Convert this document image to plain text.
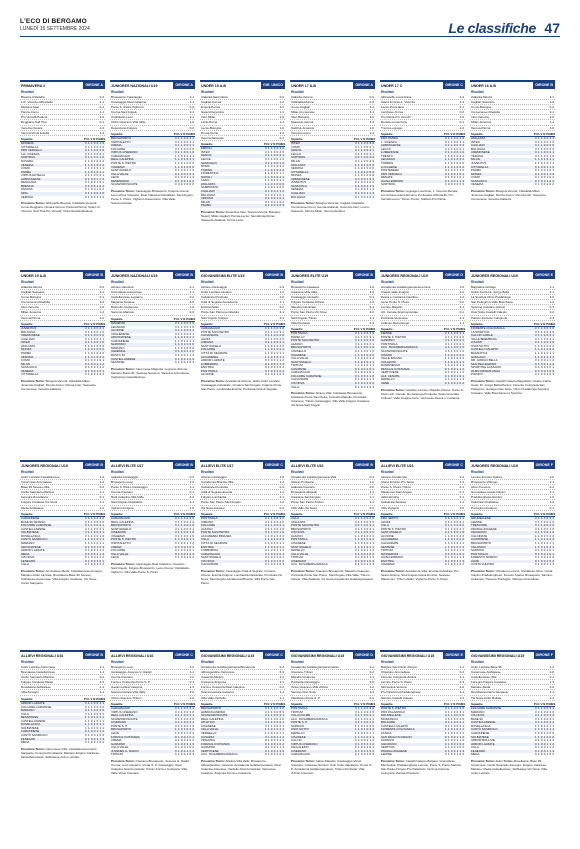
L'ECO DI BERGAMO
LUNEDÌ 16 SETTEMBRE 2024	Le classifiche 47
PRIMAVERA 2	GIRONE A
Risultati
Brescia-Cittadella	0-2
L.R. Vicenza-Albinoleffe	2-1
Modena-Spal	0-1
Parma-Como	1-1
Pro Vercelli-Padova	2-0
Reggiana-Sud Tirol	0-1
Venezia-Novara	2-2
Verona-Virtus Entella	1-2
Squadre	Pt G V N P GF
GS
MODENA	3 1 1 0 0 1 0
CITTADELLA	3 1 1 0 0 2 0
PRO VERCELLI	3 1 1 0 0 2 0
L.R. VICENZA	3 1 1 0 0 2 1
SUDTIROL	3 1 1 0 0 1 0
NOVARA	1 1 0 1 0 2 2
VENEZIA	1 1 0 1 0 2 2
COMO	1 1 0 1 0 1 1
PARMA	1 1 0 1 0 1 1
VIRTUS ENTELLA	3 1 1 0 0 2 1
ALBINOLEFFE	0 1 0 0 1 1 2
REGGIANA	0 1 0 0 1 0 1
BRESCIA	0 1 0 0 1 0 2
PADOVA	0 1 0 0 1 0 2
SPAL	3 1 1 0 0 1 0
VERONA	0 1 0 0 1 1 2
Prossimo Turno: Albinoleffe-Brescia; Cittadella-Venezia; Como-Reggiana; Novara-Verona; Padova-Parma; Spal-L.R. Vicenza; Sud Tirol-Pro Vercelli; Virtus Entella-Modena.
UNDER 15 A-B	GIRONE B
Risultati
Atalanta-Monza	0-0
Cagliari-Sassuolo	2-1
Como-Bologna	0-1
Cremonese-Cittadella	2-0
Inter-Venezia	1-0
Milan-Juventus	1-2
Verona-Parma	2-2
Squadre	Pt G V N P GF
GS
JUVENTUS	3 1 1 0 0 2 1
BOLOGNA	3 1 1 0 0 1 0
CREMONESE	3 1 1 0 0 2 0
CAGLIARI	3 1 1 0 0 2 1
INTER	3 1 1 0 0 1 0
ATALANTA	1 1 0 1 0 0 0
MONZA	1 1 0 1 0 0 0
PARMA	1 1 0 1 0 2 2
VERONA	1 1 0 1 0 2 2
COMO	0 1 0 0 1 0 1
MILAN	0 1 0 0 1 1 2
SASSUOLO	0 1 0 0 1 1 2
VENEZIA	0 1 0 0 1 0 1
CITTADELLA	0 1 0 0 1 0 2
Prossimo Turno: Bologna-Verona; Cittadella-Milan; Juventus-Cagliari; Monza-Como; Parma-Inter; Sassuolo-Cremonese; Venezia-Atalanta.
JUNIORES REGIONALI U19	GIRONE B
Risultati
Ardor Lazzate-Castellanzese	1-2
Caronnese-Arconatese	3-2
Base 96 Seveso-Villa	2-0
Cantù Sanpaolo-Mariano	1-1
Fenegrò-Rovellasca	0-1
Folgore Caratese-Vis Nova	2-1
Meda-Solbiatese	1-2
Squadre	Pt G V N P GF
GS
CARONNESE	3 1 1 0 0 3 2
BASE 96 SEVESO	3 1 1 0 0 2 0
FOLGORE CARATESE	3 1 1 0 0 2 1
CASTELLANZESE	3 1 1 0 0 2 1
SOLBIATESE	3 1 1 0 0 2 1
ROVELLASCA	3 1 1 0 0 1 0
CANTÙ SANPAOLO	1 1 0 1 0 1 1
MARIANO	1 1 0 1 0 1 1
ARCONATESE	0 1 0 0 1 2 3
ARDOR LAZZATE	0 1 0 0 1 1 2
MEDA	0 1 0 0 1 1 2
VIS NOVA	0 1 0 0 1 1 2
FENEGRÒ	0 1 0 0 1 0 1
VILLA	0 1 0 0 1 0 2
Prossimo Turno: Arconatese-Meda; Castellanzese-Fenegrò; Mariano-Ardor Lazzate; Rovellasca-Base 96 Seveso; Solbiatese-Caronnese; Villa-Folgore Caratese; Vis Nova-Cantù Sanpaolo.
ALLIEVI REGIONALI U16	GIRONE B
Risultati
Ardor Lazzate-Caronnese	2-1
Besnatese-Castellanzese	1-1
Cantù Sanpaolo-Mariano	0-2
Folgore Caratese-Meda	2-0
Rovellasca-Solbiatese	1-1
Villa-Fenegrò	3-1
Squadre	Pt G V N P GF
GS
ARDOR LAZZATE	3 1 1 0 0 2 1
FOLGORE CARATESE	3 1 1 0 0 2 0
MARIANO	3 1 1 0 0 2 0
VILLA	3 1 1 0 0 3 1
BESNATESE	1 1 0 1 0 1 1
CASTELLANZESE	1 1 0 1 0 1 1
ROVELLASCA	1 1 0 1 0 1 1
SOLBIATESE	1 1 0 1 0 1 1
CARONNESE	0 1 0 0 1 1 2
CANTÙ SANPAOLO	0 1 0 0 1 0 2
FENEGRÒ	0 1 0 0 1 1 3
MEDA	0 1 0 0 1 0 2
Prossimo Turno: Caronnese-Villa; Castellanzese-Cantù Sanpaolo; Fenegrò-Rovellasca; Mariano-Folgore Caratese; Meda-Besnatese; Solbiatese-Ardor Lazzate.
JUNIORES NAZIONALI U19	GIRONE A
Risultati
Brusaporto-Caravaggio	2-1
Caravaggio-Real Calepina	1-1
Ponte S. Pietro-Vighenzi	0-0
Crema-Sant'Angelo	2-1
Ospitaletto-Leon	3-1
Virtus Ciserano-Villa Valle	1-0
Desenzano-Folgore	0-2
Squadre	Pt G V N P GF
GS
BRUSAPORTO	3 1 1 0 0 2 1
OSPITALETTO	3 1 1 0 0 3 1
CREMA	3 1 1 0 0 2 1
FOLGORE	3 1 1 0 0 2 0
VIRTUS CISERANO	3 1 1 0 0 1 0
CARAVAGGIO	1 1 0 1 0 1 1
REAL CALEPINA	1 1 0 1 0 1 1
PONTE S. PIETRO	1 1 0 1 0 0 0
VIGHENZI	1 1 0 1 0 0 0
SANT'ANGELO	0 1 0 0 1 1 2
VILLA VALLE	0 1 0 0 1 0 1
LEON	0 1 0 0 1 1 3
DESENZANO	0 1 0 0 1 0 2
SCANZOROSCIATE	0 0 0 0 0 0 0
Prossimo Turno: Caravaggio-Brusaporto; Folgore-Crema; Leon-Virtus Ciserano; Real Calepina-Ospitaletto; Sant'Angelo-Ponte S. Pietro; Vighenzi-Desenzano; Villa Valle-Scanzorosciate.
JUNIORES NAZIONALI U19	GIRONE B
Risultati
Alcione-Varesina	2-1
Arconatese-Caronnese	1-1
Castellanzese-Legnano	0-2
Magenta-Sestese	3-0
Busto 81-Vogherese	1-2
Saronno-Mariano	0-0
Squadre	Pt G V N P GF
GS
MAGENTA	3 1 1 0 0 3 0
LEGNANO	3 1 1 0 0 2 0
ALCIONE	3 1 1 0 0 2 1
VOGHERESE	3 1 1 0 0 2 1
ARCONATESE	1 1 0 1 0 1 1
CARONNESE	1 1 0 1 0 1 1
SARONNO	1 1 0 1 0 0 0
MARIANO	1 1 0 1 0 0 0
VARESINA	0 1 0 0 1 1 2
BUSTO 81	0 1 0 0 1 1 2
CASTELLANZESE	0 1 0 0 1 0 2
SESTESE	0 1 0 0 1 0 3
Prossimo Turno: Caronnese-Magenta; Legnano-Alcione; Mariano-Busto 81; Sestese-Saronno; Varesina-Arconatese; Vogherese-Castellanzese.
ALLIEVI ELITE U17	GIRONE B
Risultati
Atalanta-Caravaggio	0-3
Brusaporto-Leon	2-0
Ponte S. Pietro-Caravaggio	1-1
Crema-Ciserano	0-1
Real Calepina-Villa Valle	4-2
Sant'Angelo-Ospitaletto	2-1
Vighenzi-Folgore	1-0
Squadre	Pt G V N P GF
GS
CARAVAGGIO	3 1 1 0 0 3 0
REAL CALEPINA	3 1 1 0 0 4 2
BRUSAPORTO	3 1 1 0 0 2 0
SANT'ANGELO	3 1 1 0 0 2 1
CISERANO	3 1 1 0 0 1 0
VIGHENZI	3 1 1 0 0 1 0
PONTE S. PIETRO	1 1 0 1 0 1 1
OSPITALETTO	0 1 0 0 1 1 2
CREMA	0 1 0 0 1 0 1
FOLGORE	0 1 0 0 1 0 1
VILLA VALLE	0 1 0 0 1 2 4
LEON	0 1 0 0 1 0 2
Prossimo Turno: Caravaggio-Real Calepina; Ciserano-Sant'Angelo; Folgore-Brusaporto; Leon-Crema; Ospitaletto-Vighenzi; Villa Valle-Ponte S. Pietro.
ALLIEVI REGIONALI U16	GIRONE C
Risultati
Brusaporto-Leon	2-2
Caravaggio-Juvenes G. Radici	4-1
Crema-Ciserano	1-2
Forza e Costanza-Ponte S. P.	0-1
Gavarno-Real Calepina	1-3
Scanzorosciate-Villa Valle	2-0
Virtus Ciserano-Tritium	3-0
Squadre	Pt G V N P GF
GS
CARAVAGGIO	3 1 1 0 0 4 1
VIRTUS CISERANO	3 1 1 0 0 3 0
REAL CALEPINA	3 1 1 0 0 3 1
SCANZOROSCIATE	3 1 1 0 0 2 0
CISERANO	3 1 1 0 0 2 1
PONTE S. P.	3 1 1 0 0 1 0
BRUSAPORTO	1 1 0 1 0 2 2
LEON	1 1 0 1 0 2 2
FORZA E COSTANZA	0 1 0 0 1 0 1
CREMA	0 1 0 0 1 1 2
GAVARNO	0 1 0 0 1 1 3
VILLA VALLE	0 1 0 0 1 0 2
JUVENES G. RADICI	0 1 0 0 1 1 4
TRITIUM	0 1 0 0 1 0 3
Prossimo Turno: Ciserano-Brusaporto; Juvenes G. Radici-Crema; Leon-Gavarno; Ponte S. P.-Caravaggio; Real Calepina-Scanzorosciate; Tritium-Forza e Costanza; Villa Valle-Virtus Ciserano.
UNDER 15 A-B	GIR. UNICO
Risultati
Atalanta-Sampdoria	0-0
Cagliari-Genoa	1-2
Empoli-Parma	3-0
Napoli-Fiorentina	1-1
Inter-Milan	2-0
Lazio-Roma	1-1
Lecce-Bologna	1-0
Roma-Torino	2-2
Verona-Sassuolo	0-1
Squadre	Pt G V N P GF
GS
EMPOLI	3 1 1 0 0 3 0
INTER	3 1 1 0 0 2 0
GENOA	3 1 1 0 0 2 1
LECCE	3 1 1 0 0 1 0
SASSUOLO	3 1 1 0 0 1 0
ROMA	1 1 0 1 0 2 2
TORINO	1 1 0 1 0 2 2
FIORENTINA	1 1 0 1 0 1 1
NAPOLI	1 1 0 1 0 1 1
LAZIO	1 1 0 1 0 1 1
ATALANTA	1 1 0 1 0 0 0
SAMPDORIA	1 1 0 1 0 0 0
CAGLIARI	0 1 0 0 1 1 2
BOLOGNA	0 1 0 0 1 0 1
VERONA	0 1 0 0 1 0 1
MILAN	0 1 0 0 1 0 2
PARMA	0 1 0 0 1 0 3
Prossimo Turno: Fiorentina-Inter; Genoa-Verona; Bologna-Napoli; Milan-Cagliari; Parma-Lecce; Sampdoria-Roma; Sassuolo-Atalanta; Torino-Lazio.
GIOVANISSIMI ELITE U15	GIRONE B
Risultati
Alcione-Caravaggio	0-3
Ardor Lazzate-Cimiano	1-2
Calvairate-Pontisola	2-0
Città di Segrate-Accademia	1-1
Enotria-Aldini	0-2
Ponte San Pietro-Lombardia	3-1
Sant'Angelo-Folgore	2-2
Squadre	Pt G V N P GF
GS
CARAVAGGIO	3 1 1 0 0 3 0
PONTE SAN PIETRO	3 1 1 0 0 3 1
CALVAIRATE	3 1 1 0 0 2 0
ALDINI	3 1 1 0 0 2 0
CIMIANO	3 1 1 0 0 2 1
SANT'ANGELO	1 1 0 1 0 2 2
FOLGORE	1 1 0 1 0 2 2
CITTÀ DI SEGRATE	1 1 0 1 0 1 1
ACCADEMIA	1 1 0 1 0 1 1
ARDOR LAZZATE	0 1 0 0 1 1 2
LOMBARDIA	0 1 0 0 1 1 3
ENOTRIA	0 1 0 0 1 0 2
PONTISOLA	0 1 0 0 1 0 2
ALCIONE	0 1 0 0 1 0 3
Prossimo Turno: Accademia-Alcione; Aldini-Ardor Lazzate; Caravaggio-Calvairate; Cimiano-Sant'Angelo; Folgore-Ponte San Pietro; Lombardia-Enotria; Pontisola-Città di Segrate.
ALLIEVI ELITE U17	GIRONE C
Risultati
Alzano-Caravaggio	1-0
Accademia Brianza-Villa	2-2
Calvairate-Pontisola	0-3
Città di Segrate-Enotria	1-1
Folgore-Lombardia	2-1
Ponte San Pietro-Sant'Angelo	1-0
Vis Nova-Cimiano	0-2
Squadre	Pt G V N P GF
GS
PONTISOLA	3 1 1 0 0 3 0
CIMIANO	3 1 1 0 0 2 0
FOLGORE	3 1 1 0 0 2 1
ALZANO	3 1 1 0 0 1 0
PONTE SAN PIETRO	3 1 1 0 0 1 0
ACCADEMIA BRIANZA	1 1 0 1 0 2 2
VILLA	1 1 0 1 0 2 2
CITTÀ DI SEGRATE	1 1 0 1 0 1 1
ENOTRIA	1 1 0 1 0 1 1
LOMBARDIA	0 1 0 0 1 1 2
CARAVAGGIO	0 1 0 0 1 0 1
SANT'ANGELO	0 1 0 0 1 0 1
VIS NOVA	0 1 0 0 1 0 2
CALVAIRATE	0 1 0 0 1 0 3
Prossimo Turno: Caravaggio-Città di Segrate; Cimiano-Alzano; Enotria-Folgore; Lombardia-Calvairate; Pontisola-Vis Nova; Sant'Angelo-Accademia Brianza; Villa-Ponte San Pietro.
GIOVANISSIMI REGIONALI U15	GIRONE C
Risultati
Accademia Isolabergamasca-Brusaporto	0-4
Albinogandino-Vertovese	6-3
Casazza-Atletico	1-2
Cisanese-Zingonia	2-1
Forza e Costanza-Real Calepina	0-2
Scanzorosciate-Gavarno	3-1
Villa Valle-Verdello	1-1
Squadre	Pt G V N P GF
GS
BRUSAPORTO	3 1 1 0 0 4 0
ALBINOGANDINO	3 1 1 0 0 6 3
SCANZOROSCIATE	3 1 1 0 0 3 1
REAL CALEPINA	3 1 1 0 0 2 0
ATLETICO	3 1 1 0 0 2 1
CISANESE	3 1 1 0 0 2 1
VILLA VALLE	1 1 0 1 0 1 1
VERDELLO	1 1 0 1 0 1 1
CASAZZA	0 1 0 0 1 1 2
ZINGONIA	0 1 0 0 1 1 2
FORZA E COSTANZA	0 1 0 0 1 0 2
GAVARNO	0 1 0 0 1 1 3
VERTOVESE	0 1 0 0 1 3 6
ACC. ISOLABERGAMASCA	0 1 0 0 1 0 4
Prossimo Turno: Atletico-Villa Valle; Brusaporto-Albinogandino; Gavarno-Accademia Isolabergamasca; Real Calepina-Cisanese; Verdello-Scanzorosciate; Vertovese-Casazza; Zingonia-Forza e Costanza.
UNDER 17 A-B	GIRONE A
Risultati
Atalanta-Verona	0-0
Cittadella-Monza	0-0
Como-Cagliari	3-1
Milan-Cremonese	4-3
Inter-Bologna	3-0
Sassuolo-Genoa	1-3
Sudtirol-Juventus	2-0
Venezia-Lecco	1-3
Squadre	Pt G V N P GF
GS
INTER	3 1 1 0 0 3 0
COMO	3 1 1 0 0 3 1
GENOA	3 1 1 0 0 3 1
LECCO	3 1 1 0 0 3 1
SUDTIROL	3 1 1 0 0 2 0
MILAN	3 1 1 0 0 4 3
ATALANTA	1 1 0 1 0 0 0
VERONA	1 1 0 1 0 0 0
CITTADELLA	1 1 0 1 0 0 0
MONZA	1 1 0 1 0 0 0
CREMONESE	0 1 0 0 1 3 4
JUVENTUS	0 1 0 0 1 0 2
SASSUOLO	0 1 0 0 1 1 3
VENEZIA	0 1 0 0 1 1 3
CAGLIARI	0 1 0 0 1 1 3
BOLOGNA	0 1 0 0 1 0 3
Prossimo Turno: Bologna-Venezia; Cagliari-Cittadella; Cremonese-Como; Genoa-Atalanta; Juventus-Inter; Lecco-Sassuolo; Monza-Milan; Verona-Sudtirol.
JUNIORES ELITE U19	GIRONE B
Risultati
Brusaporto-Casatese	1-0
Cisanese-Villa Valle	2-2
Caravaggio-Cinisello	0-1
Folgore Caratese-Alzano	1-2
Mapello-Calvairate	3-1
Ponte San Pietro-Vis Nova	2-0
Sant'Angelo-Tritium	1-1
Villa-Pontisola	0-3
Squadre	Pt G V N P GF
GS
PONTISOLA	3 1 1 0 0 3 0
MAPELLO	3 1 1 0 0 3 1
PONTE SAN PIETRO	3 1 1 0 0 2 0
ALZANO	3 1 1 0 0 2 1
BRUSAPORTO	3 1 1 0 0 1 0
CINISELLO	3 1 1 0 0 1 0
CISANESE	1 1 0 1 0 2 2
VILLA VALLE	1 1 0 1 0 2 2
SANT'ANGELO	1 1 0 1 0 1 1
TRITIUM	1 1 0 1 0 1 1
CASATESE	0 1 0 0 1 0 1
CARAVAGGIO	0 1 0 0 1 0 1
FOLGORE CARATESE	0 1 0 0 1 1 2
CALVAIRATE	0 1 0 0 1 1 3
VIS NOVA	0 1 0 0 1 0 2
VILLA	0 1 0 0 1 0 3
Prossimo Turno: Alzano-Villa; Calvairate-Brusaporto; Casatese-Ponte San Pietro; Cinisello-Mapello; Pontisola-Cisanese; Tritium-Caravaggio; Villa Valle-Folgore Caratese; Vis Nova-Sant'Angelo.
ALLIEVI ELITE U16	GIRONE B
Risultati
Accademia Isolabergamasca-Villa	0-4
Alzano-Pontisola	2-2
Atalanta-Ciserano	3-0
Brusaporto-Mapello	2-1
Cisanese-Sant'Angelo	1-1
Ponte San Pietro-Tritium	3-1
Villa Valle-Vis Nova	0-2
Squadre	Pt G V N P GF
GS
VILLA	3 1 1 0 0 4 0
ATALANTA	3 1 1 0 0 3 0
PONTE SAN PIETRO	3 1 1 0 0 3 1
BRUSAPORTO	3 1 1 0 0 2 1
VIS NOVA	3 1 1 0 0 2 0
ALZANO	1 1 0 1 0 2 2
PONTISOLA	1 1 0 1 0 2 2
CISANESE	1 1 0 1 0 1 1
SANT'ANGELO	1 1 0 1 0 1 1
MAPELLO	0 1 0 0 1 1 2
VILLA VALLE	0 1 0 0 1 0 2
TRITIUM	0 1 0 0 1 1 3
CISERANO	0 1 0 0 1 0 3
ACC. ISOLABERGAMASCA	0 1 0 0 1 0 4
Prossimo Turno: Ciserano-Brusaporto; Mapello-Cisanese; Pontisola-Ponte San Pietro; Sant'Angelo-Villa Valle; Tritium-Alzano; Villa-Atalanta; Vis Nova-Accademia Isolabergamasca.
GIOVANISSIMI REGIONALI U15	GIRONE D
Risultati
Accademia Isolabergamasca-Calcio	2-1
Ciserano-Tritium	0-2
Mapello-Cisanese	1-1
Pontisola-Caravaggio	3-0
Virtus Ciserano-Villa d'Almè	1-2
Sarnico-Osio Sotto	2-2
Valcalepio-Ponte S. P.	0-1
Squadre	Pt G V N P GF
GS
PONTISOLA	3 1 1 0 0 3 0
TRITIUM	3 1 1 0 0 2 0
VILLA D'ALMÈ	3 1 1 0 0 2 1
ACC. ISOLABERGAMASCA	3 1 1 0 0 2 1
PONTE S. P.	3 1 1 0 0 1 0
SARNICO	1 1 0 1 0 2 2
OSIO SOTTO	1 1 0 1 0 2 2
MAPELLO	1 1 0 1 0 1 1
CISANESE	1 1 0 1 0 1 1
CALCIO	0 1 0 0 1 1 2
VIRTUS CISERANO	0 1 0 0 1 1 2
VALCALEPIO	0 1 0 0 1 0 1
CISERANO	0 1 0 0 1 0 2
CARAVAGGIO	0 1 0 0 1 0 3
Prossimo Turno: Calcio-Mapello; Caravaggio-Virtus Ciserano; Cisanese-Sarnico; Osio Sotto-Valcalepio; Ponte S. P.-Accademia Isolabergamasca; Tritium-Pontisola; Villa d'Almè-Ciserano.
UNDER 17 C	GIRONE C
Risultati
Albinoleffe-Lumezzane	4-3
Giana Erminio-L. Vicenza	1-3
Lecco-Pontedera	2-1
Lucchese-Torres	0-0
Pro Patria-Pro Vercelli	1-0
Renate-Lumezzane	0-1
Trento-Legnago	2-2
Squadre	Pt G V N P GF
GS
PRO PATRIA	3 1 1 0 0 1 0
L. VICENZA	3 1 1 0 0 3 1
ALBINOLEFFE	3 1 1 0 0 4 3
LECCO	3 1 1 0 0 2 1
LUMEZZANE	3 1 1 0 0 1 0
TRENTO	1 1 0 1 0 2 2
LEGNAGO	1 1 0 1 0 2 2
TORRES	1 1 0 1 0 0 0
LUCCHESE	1 1 0 1 0 0 0
PONTEDERA	0 1 0 0 1 1 2
PRO VERCELLI	0 1 0 0 1 0 1
RENATE	0 1 0 0 1 0 1
GIANA ERMINIO	0 1 0 0 1 1 3
SUDTIROL	0 0 0 0 0 0 0
Prossimo Turno: Legnago-Lucchese; L. Vicenza-Renate; Lumezzane-Giana Erminio; Pontedera-Albinoleffe; Pro Vercelli-Lecco; Torres-Trento; Sudtirol-Pro Patria.
JUNIORES REGIONALI U19	GIRONE D
Risultati
Accademia Isolabergamasca-Lemine	1-0
Cisano-Valle Imagna	2-2
Pesca e Costanza-Gandino	1-2
Cene-Ponte S. Pietro	0-2
Lemine-Mapello	3-1
Alz. Cenate-Scanzorosciate	0-1
Pontisola-Vertovese	2-1
Colleoni-Romanengo	1-1
Squadre	Pt G V N P GF
GS
LEMINE	3 1 1 0 0 3 1
PONTE S. PIETRO	3 1 1 0 0 2 0
GANDINO	3 1 1 0 0 2 1
PONTISOLA	3 1 1 0 0 2 1
ACC. ISOLABERGAMASCA	3 1 1 0 0 1 0
SCANZOROSCIATE	3 1 1 0 0 1 0
CISANO	1 1 0 1 0 2 2
VALLE IMAGNA	1 1 0 1 0 2 2
COLLEONI	1 1 0 1 0 1 1
ROMANENGO	1 1 0 1 0 1 1
PESCA E COSTANZA	0 1 0 0 1 1 2
VERTOVESE	0 1 0 0 1 1 2
ALZ. CENATE	0 1 0 0 1 0 1
MAPELLO	0 1 0 0 1 1 3
CENE	0 1 0 0 1 0 2
Prossimo Turno: Gandino-Lemine; Mapello-Cisano; Ponte S. Pietro-Alz. Cenate; Romanengo-Pontisola; Scanzorosciate-Colleoni; Valle Imagna-Cene; Vertovese-Pesca e Costanza.
ALLIEVI ELITE U16	GIRONE C
Risultati
Alcione-Accademia	2-2
Giana Erminio-Pro Sesto	1-3
Ponte S. Pietro-Tritium	2-1
Masseroni-Sant'Angelo	0-1
Aldini-Enotria	3-1
Calvairate-Sestese	1-1
Villa-Vighenzi	2-0
Squadre	Pt G V N P GF
GS
PRO SESTO	3 1 1 0 0 3 1
ALDINI	3 1 1 0 0 3 1
VILLA	3 1 1 0 0 2 0
PONTE S. PIETRO	3 1 1 0 0 2 1
SANT'ANGELO	3 1 1 0 0 1 0
ALCIONE	1 1 0 1 0 2 2
ACCADEMIA	1 1 0 1 0 2 2
CALVAIRATE	1 1 0 1 0 1 1
SESTESE	1 1 0 1 0 1 1
TRITIUM	0 1 0 0 1 1 2
MASSERONI	0 1 0 0 1 0 1
GIANA ERMINIO	0 1 0 0 1 1 3
ENOTRIA	0 1 0 0 1 1 3
VIGHENZI	0 1 0 0 1 0 2
Prossimo Turno: Accademia-Villa; Enotria-Calvairate; Pro Sesto-Alcione; Sant'Angelo-Giana Erminio; Sestese-Masseroni; Tritium-Aldini; Vighenzi-Ponte S. Pietro.
GIOVANISSIMI REGIONALI U15	GIRONE E
Risultati
Bolgare-San Paolo d'Argon	2-1
Chiuduno-Grumellese	0-2
Fiorente Colognola-Zanica	1-1
Lemine-Ponte S. Pietro	0-3
Mozzanica-Vertova	2-0
Pro Palazzolo-Pradalunghese	3-1
Sarnico-Castelli Calepio	1-2
Squadre	Pt G V N P GF
GS
PONTE S. PIETRO	3 1 1 0 0 3 0
PRO PALAZZOLO	3 1 1 0 0 3 1
GRUMELLESE	3 1 1 0 0 2 0
MOZZANICA	3 1 1 0 0 2 0
BOLGARE	3 1 1 0 0 2 1
CASTELLI CALEPIO	3 1 1 0 0 2 1
FIORENTE COLOGNOLA	1 1 0 1 0 1 1
ZANICA	1 1 0 1 0 1 1
SAN PAOLO D'ARGON	0 1 0 0 1 1 2
SARNICO	0 1 0 0 1 1 2
CHIUDUNO	0 1 0 0 1 0 2
VERTOVA	0 1 0 0 1 0 2
PRADALUNGHESE	0 1 0 0 1 1 3
LEMINE	0 1 0 0 1 0 3
Prossimo Turno: Castelli Calepio-Bolgare; Grumellese-Mozzanica; Pradalunghese-Lemine; Ponte S. Pietro-Sarnico; San Paolo d'Argon-Pro Palazzolo; Vertova-Fiorente Colognola; Zanica-Chiuduno.
UNDER 16 A-B	GIRONE B
Risultati
Atalanta-Monza	3-1
Cagliari-Sassuolo	2-0
Como-Bologna	0-2
Cremonese-Cittadella	2-1
Inter-Venezia	2-0
Milan-Juventus	1-1
Verona-Parma	1-0
Squadre	Pt G V N P GF
GS
ATALANTA	3 1 1 0 0 3 1
INTER	3 1 1 0 0 2 0
CAGLIARI	3 1 1 0 0 2 0
BOLOGNA	3 1 1 0 0 2 0
CREMONESE	3 1 1 0 0 2 1
VERONA	3 1 1 0 0 1 0
MILAN	1 1 0 1 0 1 1
JUVENTUS	1 1 0 1 0 1 1
CITTADELLA	0 1 0 0 1 1 2
PARMA	0 1 0 0 1 0 1
MONZA	0 1 0 0 1 1 3
COMO	0 1 0 0 1 0 2
SASSUOLO	0 1 0 0 1 0 2
VENEZIA	0 1 0 0 1 0 2
Prossimo Turno: Bologna-Verona; Cittadella-Milan; Juventus-Cagliari; Monza-Como; Parma-Inter; Sassuolo-Cremonese; Venezia-Atalanta.
JUNIORES REGIONALI U19	GIRONE E
Risultati
Bagnatica-Gorlago	1-1
Calcio Gorle-Dr. Gorgo Bella	2-1
La Sportiva-Olmo Pradalunga	3-0
San Pellegrino-Valle Brembana	1-2
Sporting Cassano-Cisano	0-1
Osio Sotto-Castelli Calepio	2-2
Pianico-Fiorente Colognola	0-3
Squadre	Pt G V N P GF
GS
FIORENTE COLOGNOLA	3 1 1 0 0 3 0
LA SPORTIVA	3 1 1 0 0 3 0
CALCIO GORLE	3 1 1 0 0 2 1
VALLE BREMBANA	3 1 1 0 0 2 1
CISANO	3 1 1 0 0 1 0
OSIO SOTTO	1 1 0 1 0 2 2
CASTELLI CALEPIO	1 1 0 1 0 2 2
BAGNATICA	1 1 0 1 0 1 1
GORLAGO	1 1 0 1 0 1 1
DR. GORGO BELLA	0 1 0 0 1 1 2
SAN PELLEGRINO	0 1 0 0 1 1 2
SPORTING CASSANO	0 1 0 0 1 0 1
OLMO PRADALUNGA	0 1 0 0 1 0 3
PIANICO	0 1 0 0 1 0 3
Prossimo Turno: Castelli Calepio-Bagnatica; Cisano-Calcio Gorle; Dr. Gorgo Bella-Pianico; Fiorente Colognola-San Pellegrino; Gorlago-Osio Sotto; Olmo Pradalunga-Sporting Cassano; Valle Brembana-La Sportiva.
JUNIORES REGIONALI U19	GIRONE F
Risultati
Lemine-Foresto Sparso	2-0
Brusaporto-Villongo	1-1
Almè-Trescore	0-2
Grumellese-Costa Volpino	3-1
Pradalunghese-Sarnico	1-0
Calcinate-Cividatese	2-2
Pontoglio-Chiuduno	0-1
Squadre	Pt G V N P GF
GS
GRUMELLESE	3 1 1 0 0 3 1
LEMINE	3 1 1 0 0 2 0
TRESCORE	3 1 1 0 0 2 0
PRADALUNGHESE	3 1 1 0 0 1 0
CHIUDUNO	3 1 1 0 0 1 0
CALCINATE	1 1 0 1 0 2 2
CIVIDATESE	1 1 0 1 0 2 2
BRUSAPORTO	1 1 0 1 0 1 1
VILLONGO	1 1 0 1 0 1 1
SARNICO	0 1 0 0 1 0 1
PONTOGLIO	0 1 0 0 1 0 1
FORESTO SPARSO	0 1 0 0 1 0 2
ALMÈ	0 1 0 0 1 0 2
COSTA VOLPINO	0 1 0 0 1 1 3
Prossimo Turno: Chiuduno-Lemine; Cividatese-Almè; Costa Volpino-Pradalunghese; Foresto Sparso-Brusaporto; Sarnico-Calcinate; Trescore-Pontoglio; Villongo-Grumellese.
GIOVANISSIMI REGIONALI U15	GIRONE F
Risultati
Ardor Lazzate-Base 96	1-2
Caronnese-Solbiatese	0-0
Castellanzese-Villa	2-1
Fenegrò-Folgore Caratese	1-3
Mariano-Meda	2-0
Rovellasca-Cantù Sanpaolo	1-1
Vis Nova-Ardor Bollate	3-2
Squadre	Pt G V N P GF
GS
FOLGORE CARATESE	3 1 1 0 0 3 1
MARIANO	3 1 1 0 0 2 0
VIS NOVA	3 1 1 0 0 3 2
BASE 96	3 1 1 0 0 2 1
CASTELLANZESE	3 1 1 0 0 2 1
ROVELLASCA	1 1 0 1 0 1 1
CANTÙ SANPAOLO	1 1 0 1 0 1 1
CARONNESE	1 1 0 1 0 0 0
SOLBIATESE	1 1 0 1 0 0 0
ARDOR BOLLATE	0 1 0 0 1 2 3
ARDOR LAZZATE	0 1 0 0 1 1 2
VILLA	0 1 0 0 1 1 2
FENEGRÒ	0 1 0 0 1 1 3
MEDA	0 1 0 0 1 0 2
Prossimo Turno: Ardor Bollate-Rovellasca; Base 96-Caronnese; Cantù Sanpaolo-Fenegrò; Folgore Caratese-Mariano; Meda-Castellanzese; Solbiatese-Vis Nova; Villa-Ardor Lazzate.
